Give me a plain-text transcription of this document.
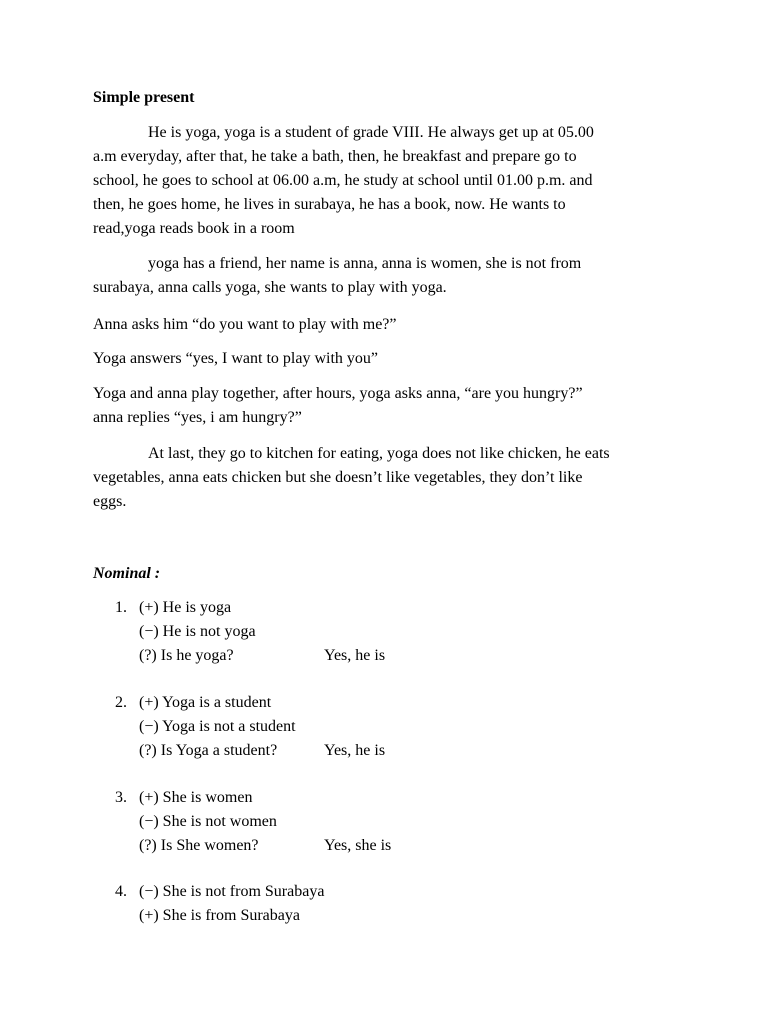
Simple present

He is yoga, yoga is a student of grade VIII. He always get up at 05.00
a.m everyday, after that, he take a bath, then, he breakfast and prepare go to
school, he goes to school at 06.00 a.m, he study at school until 01.00 p.m. and
then, he goes home, he lives in surabaya, he has a book, now. He wants to
read,yoga reads book in a room

yoga has a friend, her name is anna, anna is women, she is not from
surabaya, anna calls yoga, she wants to play with yoga.

Anna asks him “do you want to play with me?”

Yoga answers “yes, I want to play with you”

Yoga and anna play together, after hours, yoga asks anna, “are you hungry?”
anna replies “yes, i am hungry?”

At last, they go to kitchen for eating, yoga does not like chicken, he eats
vegetables, anna eats chicken but she doesn’t like vegetables, they don’t like
eggs.

Nominal :
1. (+) He is yoga
(−) He is not yoga
(?) Is he yoga?	Yes, he is
2. (+) Yoga is a student
(−) Yoga is not a student
(?) Is Yoga a student?	Yes, he is
3. (+) She is women
(−) She is not women
(?) Is She women?	Yes, she is
4. (−) She is not from Surabaya
(+) She is from Surabaya
